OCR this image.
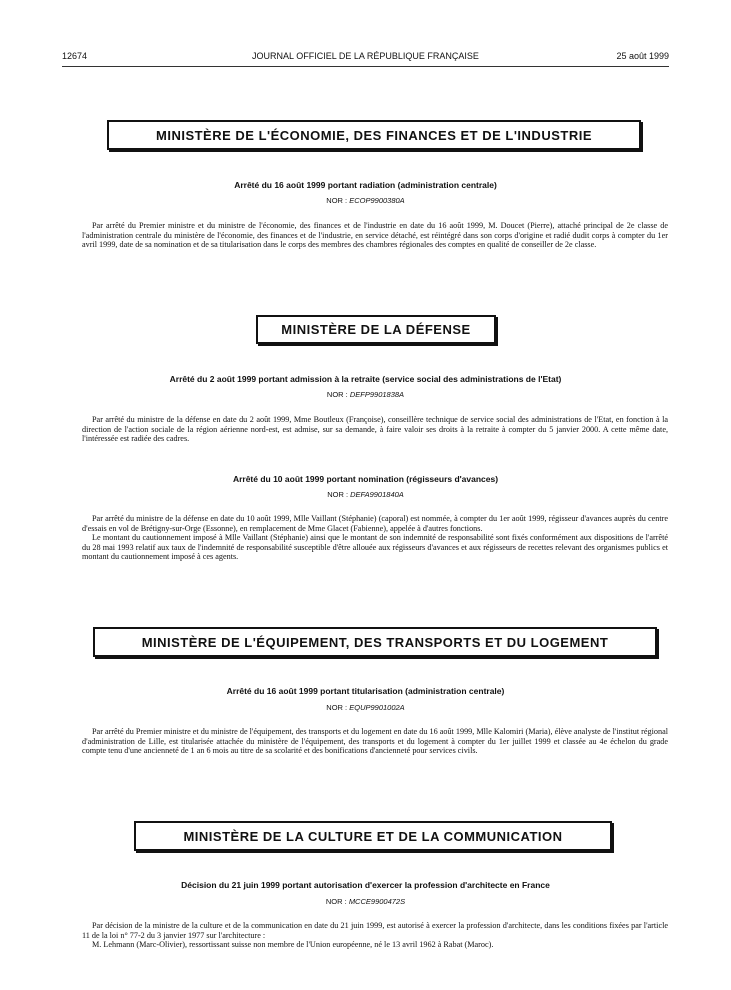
12674	JOURNAL OFFICIEL DE LA RÉPUBLIQUE FRANÇAISE	25 août 1999
MINISTÈRE DE L'ÉCONOMIE, DES FINANCES ET DE L'INDUSTRIE
Arrêté du 16 août 1999 portant radiation (administration centrale)
NOR : ECOP9900380A

Par arrêté du Premier ministre et du ministre de l'économie, des finances et de l'industrie en date du 16 août 1999, M. Doucet (Pierre), attaché principal de 2e classe de l'administration centrale du ministère de l'économie, des finances et de l'industrie, en service détaché, est réintégré dans son corps d'origine et radié dudit corps à compter du 1er avril 1999, date de sa nomination et de sa titularisation dans le corps des membres des chambres régionales des comptes en qualité de conseiller de 2e classe.

MINISTÈRE DE LA DÉFENSE
Arrêté du 2 août 1999 portant admission à la retraite (service social des administrations de l'Etat)
NOR : DEFP9901838A

Par arrêté du ministre de la défense en date du 2 août 1999, Mme Boutleux (Françoise), conseillère technique de service social des administrations de l'Etat, en fonction à la direction de l'action sociale de la région aérienne nord-est, est admise, sur sa demande, à faire valoir ses droits à la retraite à compter du 5 janvier 2000. A cette même date, l'intéressée est radiée des cadres.

Arrêté du 10 août 1999 portant nomination (régisseurs d'avances)
NOR : DEFA9901840A

Par arrêté du ministre de la défense en date du 10 août 1999, Mlle Vaillant (Stéphanie) (caporal) est nommée, à compter du 1er août 1999, régisseur d'avances auprès du centre d'essais en vol de Brétigny-sur-Orge (Essonne), en remplacement de Mme Glacet (Fabienne), appelée à d'autres fonctions.

Le montant du cautionnement imposé à Mlle Vaillant (Stéphanie) ainsi que le montant de son indemnité de responsabilité sont fixés conformément aux dispositions de l'arrêté du 28 mai 1993 relatif aux taux de l'indemnité de responsabilité susceptible d'être allouée aux régisseurs d'avances et aux régisseurs de recettes relevant des organismes publics et montant du cautionnement imposé à ces agents.

MINISTÈRE DE L'ÉQUIPEMENT, DES TRANSPORTS ET DU LOGEMENT
Arrêté du 16 août 1999 portant titularisation (administration centrale)
NOR : EQUP9901002A

Par arrêté du Premier ministre et du ministre de l'équipement, des transports et du logement en date du 16 août 1999, Mlle Kalomiri (Maria), élève analyste de l'institut régional d'administration de Lille, est titularisée attachée du ministère de l'équipement, des transports et du logement à compter du 1er juillet 1999 et classée au 4e échelon du grade compte tenu d'une ancienneté de 1 an 6 mois au titre de sa scolarité et des bonifications d'ancienneté pour services civils.

MINISTÈRE DE LA CULTURE ET DE LA COMMUNICATION
Décision du 21 juin 1999 portant autorisation d'exercer la profession d'architecte en France
NOR : MCCE9900472S

Par décision de la ministre de la culture et de la communication en date du 21 juin 1999, est autorisé à exercer la profession d'architecte, dans les conditions fixées par l'article 11 de la loi n° 77-2 du 3 janvier 1977 sur l'architecture :

M. Lehmann (Marc-Olivier), ressortissant suisse non membre de l'Union européenne, né le 13 avril 1962 à Rabat (Maroc).
